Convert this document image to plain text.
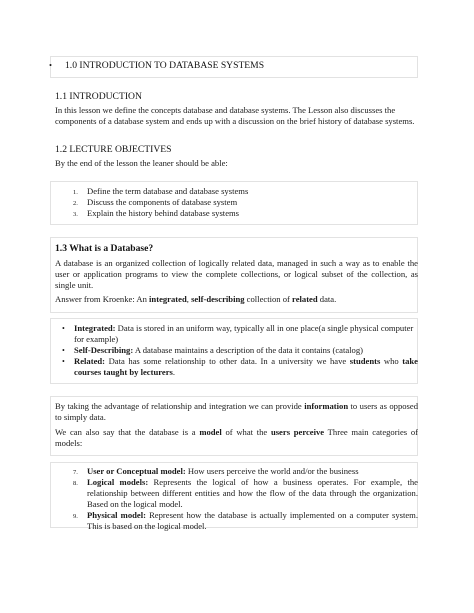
• 1.0 INTRODUCTION TO DATABASE SYSTEMS
1.1 INTRODUCTION

In this lesson we define the concepts database and database systems. The Lesson also discusses the components of a database system and ends up with a discussion on the brief history of database systems.

1.2 LECTURE OBJECTIVES

By the end of the lesson the leaner should be able:

1. Define the term database and database systems
2. Discuss the components of database system
3. Explain the history behind database systems
1.3 What is a Database?

A database is an organized collection of logically related data, managed in such a way as to enable the user or application programs to view the complete collections, or logical subset of the collection, as single unit.

Answer from Kroenke: An integrated, self-describing collection of related data.

• Integrated: Data is stored in an uniform way, typically all in one place(a single physical computer for example)
• Self-Describing: A database maintains a description of the data it contains (catalog)
• Related: Data has some relationship to other data. In a university we have students who take courses taught by lecturers.

By taking the advantage of relationship and integration we can provide information to users as opposed to simply data.

We can also say that the database is a model of what the users perceive Three main categories of models:

7. User or Conceptual model: How users perceive the world and/or the business
8. Logical models: Represents the logical of how a business operates. For example, the relationship between different entities and how the flow of the data through the organization. Based on the logical model.
9. Physical model: Represent how the database is actually implemented on a computer system. This is based on the logical model.
